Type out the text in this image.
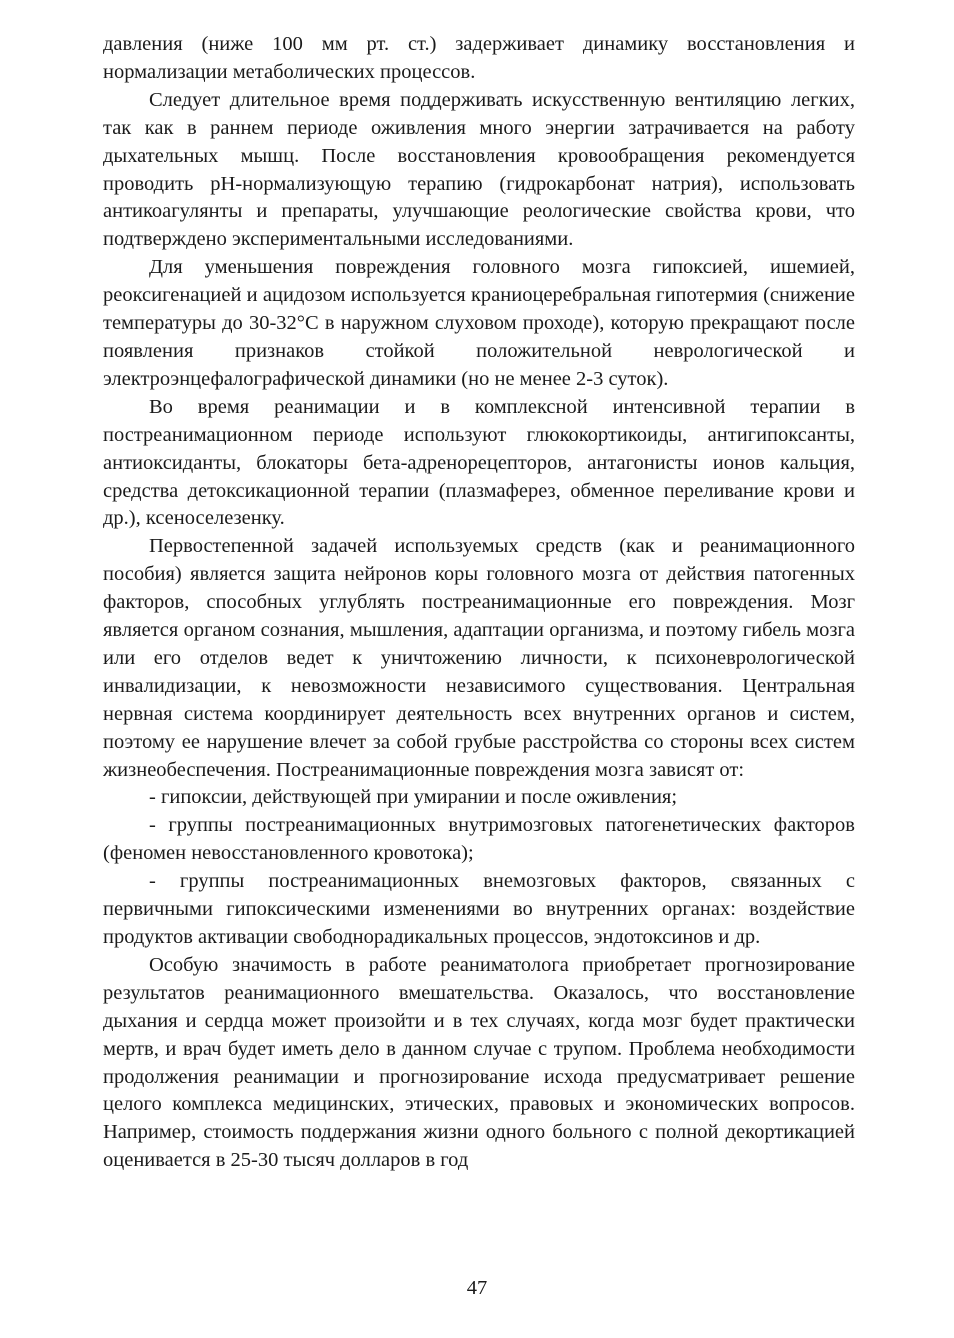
давления (ниже 100 мм рт. ст.) задерживает динамику восстановления и нормализации метаболических процессов.

Следует длительное время поддерживать искусственную вентиляцию легких, так как в раннем периоде оживления много энергии затрачивается на работу дыхательных мышц. После восстановления кровообращения рекомендуется проводить pH-нормализующую терапию (гидрокарбонат натрия), использовать антикоагулянты и препараты, улучшающие реологические свойства крови, что подтверждено экспериментальными исследованиями.

Для уменьшения повреждения головного мозга гипоксией, ишемией, реоксигенацией и ацидозом используется краниоцеребральная гипотермия (снижение температуры до 30-32°С в наружном слуховом проходе), которую прекращают после появления признаков стойкой положительной неврологической и электроэнцефалографической динамики (но не менее 2-3 суток).

Во время реанимации и в комплексной интенсивной терапии в постреанимационном периоде используют глюкокортикоиды, антигипоксанты, антиоксиданты, блокаторы бета-адренорецепторов, антагонисты ионов кальция, средства детоксикационной терапии (плазмаферез, обменное переливание крови и др.), ксеноселезенку.

Первостепенной задачей используемых средств (как и реанимационного пособия) является защита нейронов коры головного мозга от действия патогенных факторов, способных углублять постреанимационные его повреждения. Мозг является органом сознания, мышления, адаптации организма, и поэтому гибель мозга или его отделов ведет к уничтожению личности, к психоневрологической инвалидизации, к невозможности независимого существования. Центральная нервная система координирует деятельность всех внутренних органов и систем, поэтому ее нарушение влечет за собой грубые расстройства со стороны всех систем жизнеобеспечения. Постреанимационные повреждения мозга зависят от:

- гипоксии, действующей при умирании и после оживления;

- группы постреанимационных внутримозговых патогенетических факторов (феномен невосстановленного кровотока);

- группы постреанимационных внемозговых факторов, связанных с первичными гипоксическими изменениями во внутренних органах: воздействие продуктов активации свободнорадикальных процессов, эндотоксинов и др.

Особую значимость в работе реаниматолога приобретает прогнозирование результатов реанимационного вмешательства. Оказалось, что восстановление дыхания и сердца может произойти и в тех случаях, когда мозг будет практически мертв, и врач будет иметь дело в данном случае с трупом. Проблема необходимости продолжения реанимации и прогнозирование исхода предусматривает решение целого комплекса медицинских, этических, правовых и экономических вопросов. Например, стоимость поддержания жизни одного больного с полной декортикацией оценивается в 25-30 тысяч долларов в год

47
